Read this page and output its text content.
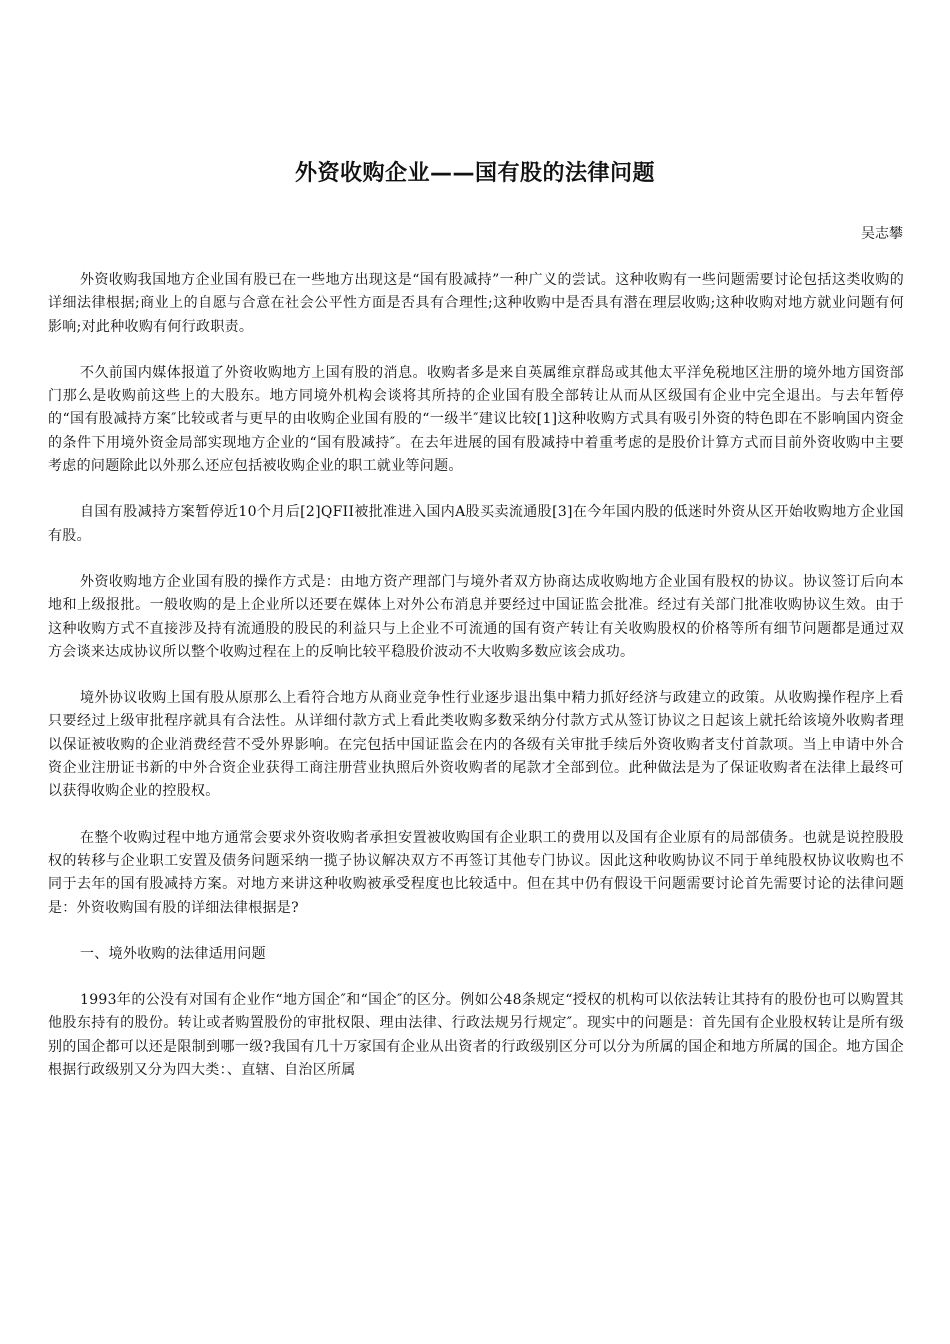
外资收购企业——国有股的法律问题

吴志攀

外资收购我国地方企业国有股已在一些地方出现这是“国有股减持”一种广义的尝试。这种收购有一些问题需要讨论包括这类收购的详细法律根据;商业上的自愿与合意在社会公平性方面是否具有合理性;这种收购中是否具有潜在理层收购;这种收购对地方就业问题有何影响;对此种收购有何行政职责。

不久前国内媒体报道了外资收购地方上国有股的消息。收购者多是来自英属维京群岛或其他太平洋免税地区注册的境外地方国资部门那么是收购前这些上的大股东。地方同境外机构会谈将其所持的企业国有股全部转让从而从区级国有企业中完全退出。与去年暂停的“国有股减持方案″比较或者与更早的由收购企业国有股的“一级半″建议比较[1]这种收购方式具有吸引外资的特色即在不影响国内资金的条件下用境外资金局部实现地方企业的“国有股减持″。在去年进展的国有股减持中着重考虑的是股价计算方式而目前外资收购中主要考虑的问题除此以外那么还应包括被收购企业的职工就业等问题。

自国有股减持方案暂停近10个月后[2]QFII被批准进入国内A股买卖流通股[3]在今年国内股的低迷时外资从区开始收购地方企业国有股。

外资收购地方企业国有股的操作方式是：由地方资产理部门与境外者双方协商达成收购地方企业国有股权的协议。协议签订后向本地和上级报批。一般收购的是上企业所以还要在媒体上对外公布消息并要经过中国证监会批准。经过有关部门批准收购协议生效。由于这种收购方式不直接涉及持有流通股的股民的利益只与上企业不可流通的国有资产转让有关收购股权的价格等所有细节问题都是通过双方会谈来达成协议所以整个收购过程在上的反响比较平稳股价波动不大收购多数应该会成功。

境外协议收购上国有股从原那么上看符合地方从商业竞争性行业逐步退出集中精力抓好经济与政建立的政策。从收购操作程序上看只要经过上级审批程序就具有合法性。从详细付款方式上看此类收购多数采纳分付款方式从签订协议之日起该上就托给该境外收购者理以保证被收购的企业消费经营不受外界影响。在完包括中国证监会在内的各级有关审批手续后外资收购者支付首款项。当上申请中外合资企业注册证书新的中外合资企业获得工商注册营业执照后外资收购者的尾款才全部到位。此种做法是为了保证收购者在法律上最终可以获得收购企业的控股权。

在整个收购过程中地方通常会要求外资收购者承担安置被收购国有企业职工的费用以及国有企业原有的局部债务。也就是说控股股权的转移与企业职工安置及债务问题采纳一揽子协议解决双方不再签订其他专门协议。因此这种收购协议不同于单纯股权协议收购也不同于去年的国有股减持方案。对地方来讲这种收购被承受程度也比较适中。但在其中仍有假设干问题需要讨论首先需要讨论的法律问题是：外资收购国有股的详细法律根据是?

一、境外收购的法律适用问题

1993年的公没有对国有企业作“地方国企″和“国企″的区分。例如公48条规定“授权的机构可以依法转让其持有的股份也可以购置其他股东持有的股份。转让或者购置股份的审批权限、理由法律、行政法规另行规定″。现实中的问题是：首先国有企业股权转让是所有级别的国企都可以还是限制到哪一级?我国有几十万家国有企业从出资者的行政级别区分可以分为所属的国企和地方所属的国企。地方国企根据行政级别又分为四大类：、直辖、自治区所属
